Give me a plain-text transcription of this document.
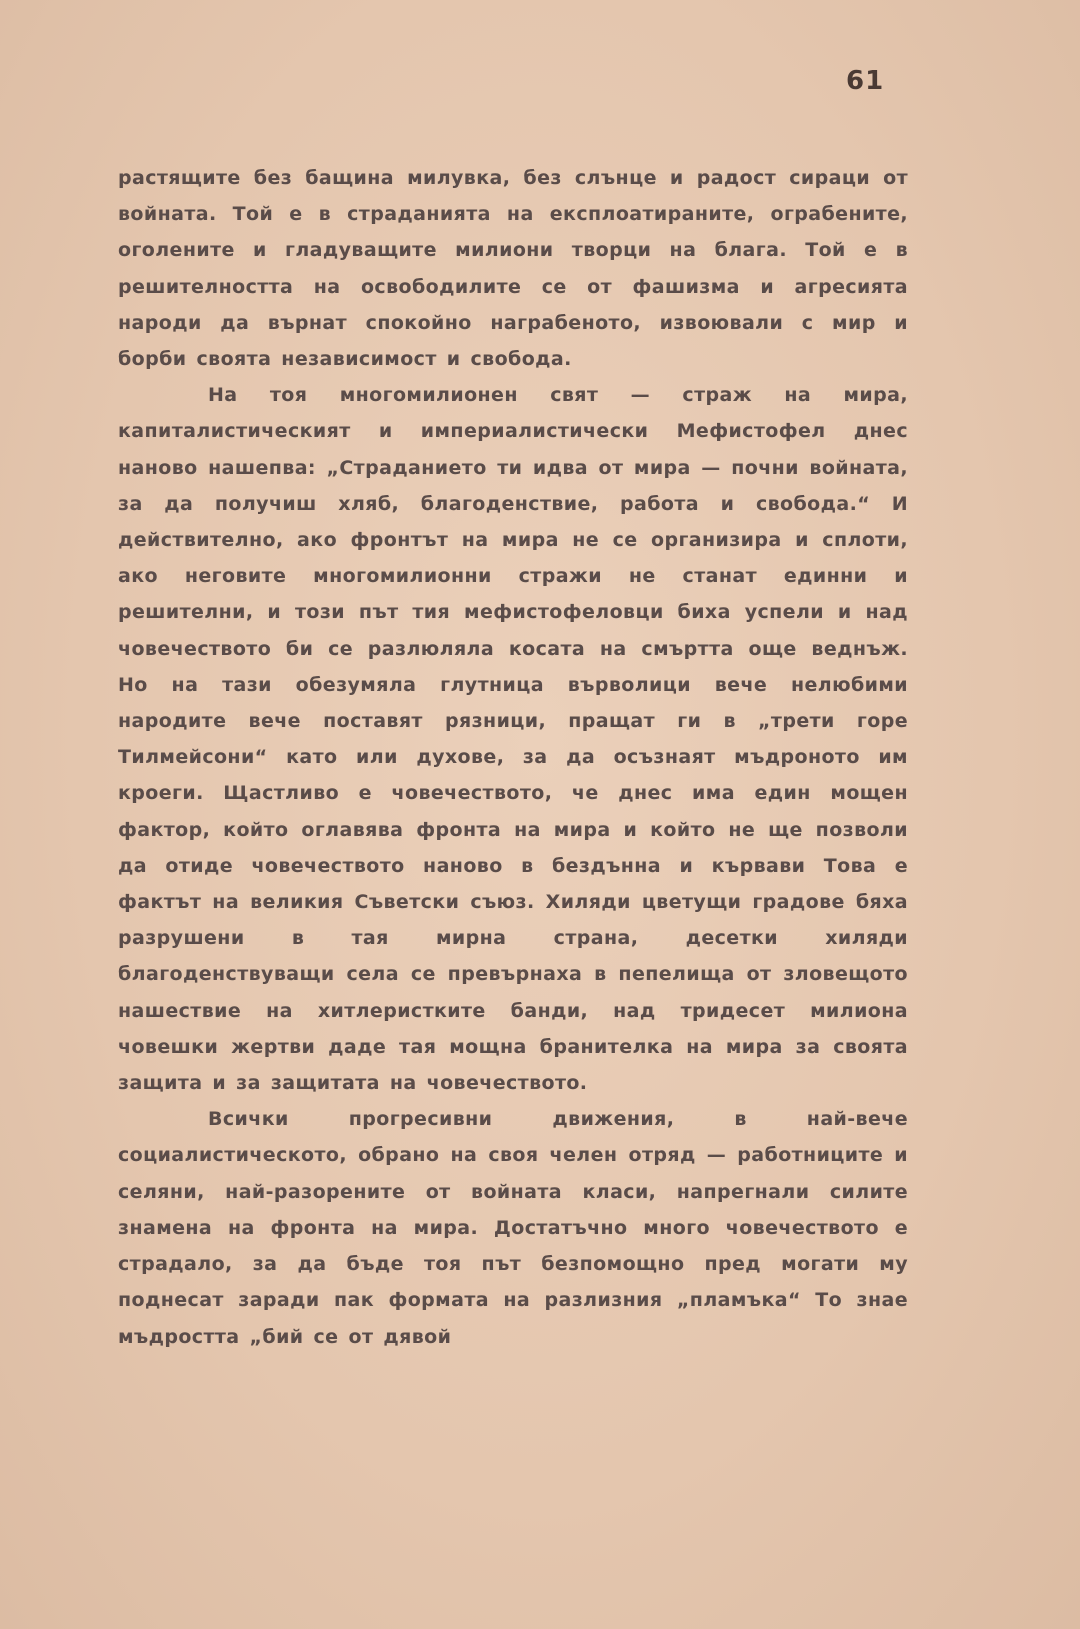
61

растящите без бащина милувка, без слънце и радост сираци от войната. Той е в страданията на експлоатираните, ограбените, оголените и гладуващите милиони творци на блага. Той е в решителността на освободилите се от фашизма и агресията народи да върнат спокойно награбеното, извоювали с мир и борби своята независимост и свобода.

На тоя многомилионен свят — страж на мира, капиталистическият и империалистически Мефистофел днес наново нашепва: „Страданието ти идва от мира — почни войната, за да получиш хляб, благоденствие, работа и свобода.“ И действително, ако фронтът на мира не се организира и сплоти, ако неговите многомилионни стражи не станат единни и решителни, и този път тия мефистофеловци биха успели и над човечеството би се разлюляла косата на смъртта още веднъж. Но на тази обезумяла глутница върволици вече нелюбими народите вече поставят рязници, пращат ги в „трети горе Тилмейсони“ като или духове, за да осъзнаят мъдроното им кроеги. Щастливо е човечеството, че днес има един мощен фактор, който оглавява фронта на мира и който не ще позволи да отиде човечеството наново в бездънна и кървави Това е фактът на великия Съветски съюз. Хиляди цветущи градове бяха разрушени в тая мирна страна, десетки хиляди благоденствуващи села се превърнаха в пепелища от зловещото нашествие на хитлеристките банди, над тридесет милиона човешки жертви даде тая мощна бранителка на мира за своята защита и за защитата на човечеството.

Всички прогресивни движения, в най-вече социалистическото, обрано на своя челен отряд — работниците и селяни, най-разорените от войната класи, напрегнали силите знамена на фронта на мира. Достатъчно много човечеството е страдало, за да бъде тоя път безпомощно пред могати му поднесат заради пак формата на разлизния „пламъка“ То знае мъдростта „бий се от дявой
